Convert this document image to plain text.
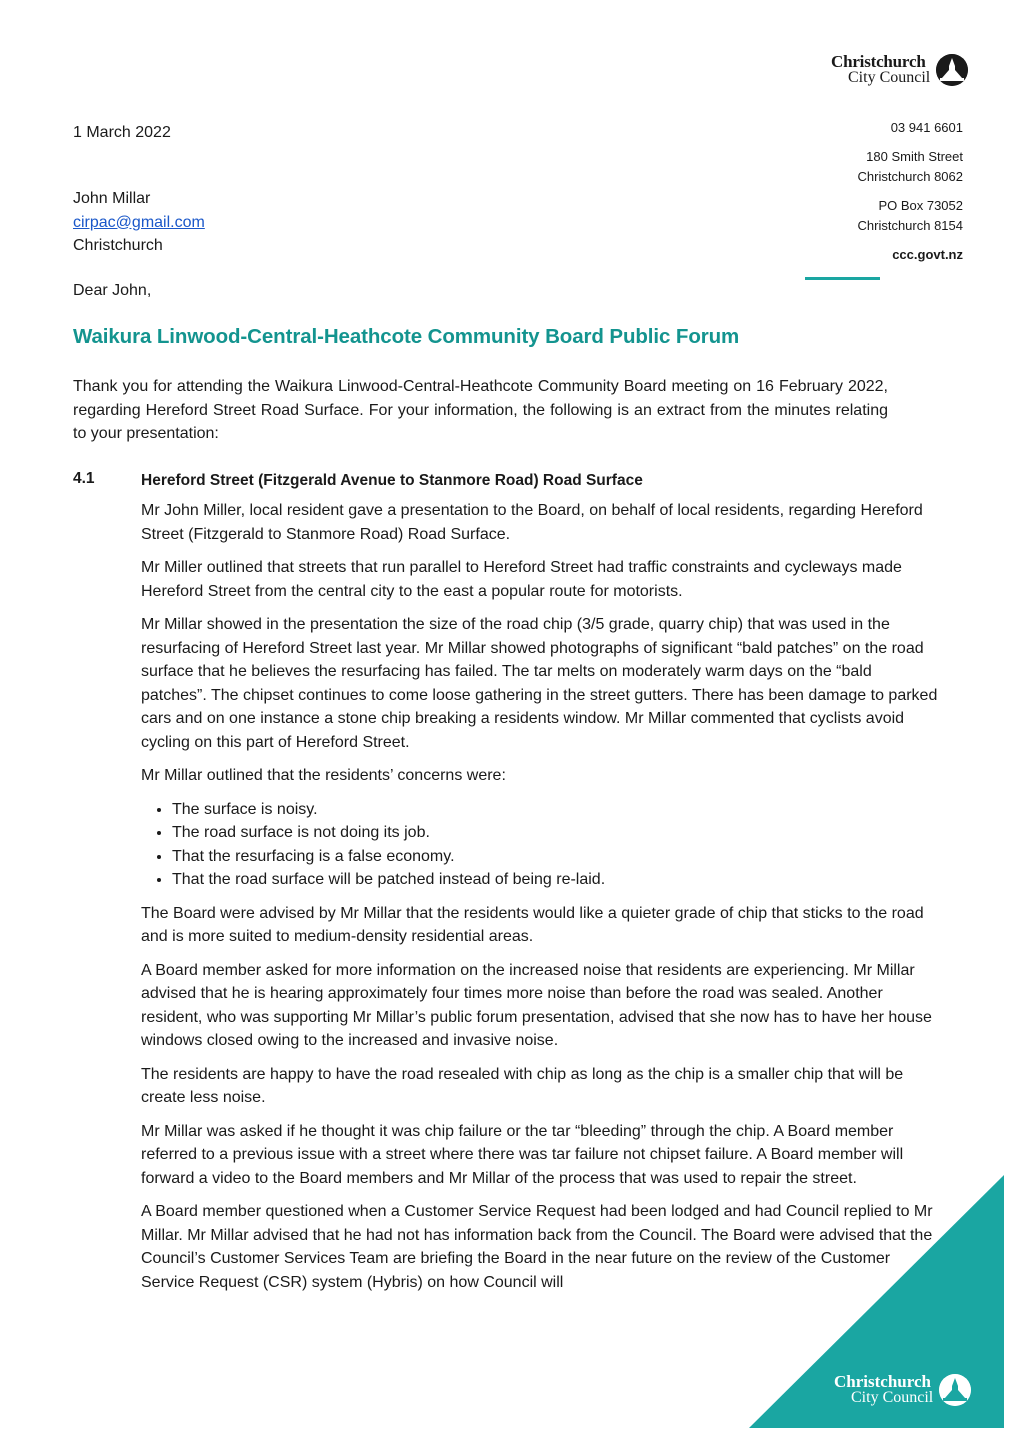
Christchurch
City Council
1 March 2022
John Millar
cirpac@gmail.com
Christchurch
Dear John,
03 941 6601
180 Smith Street
Christchurch 8062
PO Box 73052
Christchurch 8154
ccc.govt.nz
Waikura Linwood-Central-Heathcote Community Board Public Forum
Thank you for attending the Waikura Linwood-Central-Heathcote Community Board meeting on 16 February 2022, regarding Hereford Street Road Surface. For your information, the following is an extract from the minutes relating to your presentation:
4.1	Hereford Street (Fitzgerald Avenue to Stanmore Road) Road Surface

Mr John Miller, local resident gave a presentation to the Board, on behalf of local residents, regarding Hereford Street (Fitzgerald to Stanmore Road) Road Surface.

Mr Miller outlined that streets that run parallel to Hereford Street had traffic constraints and cycleways made Hereford Street from the central city to the east a popular route for motorists.

Mr Millar showed in the presentation the size of the road chip (3/5 grade, quarry chip) that was used in the resurfacing of Hereford Street last year. Mr Millar showed photographs of significant “bald patches” on the road surface that he believes the resurfacing has failed. The tar melts on moderately warm days on the “bald patches”. The chipset continues to come loose gathering in the street gutters. There has been damage to parked cars and on one instance a stone chip breaking a residents window. Mr Millar commented that cyclists avoid cycling on this part of Hereford Street.

Mr Millar outlined that the residents’ concerns were:

• The surface is noisy.
• The road surface is not doing its job.
• That the resurfacing is a false economy.
• That the road surface will be patched instead of being re-laid.

The Board were advised by Mr Millar that the residents would like a quieter grade of chip that sticks to the road and is more suited to medium-density residential areas.

A Board member asked for more information on the increased noise that residents are experiencing. Mr Millar advised that he is hearing approximately four times more noise than before the road was sealed. Another resident, who was supporting Mr Millar’s public forum presentation, advised that she now has to have her house windows closed owing to the increased and invasive noise.

The residents are happy to have the road resealed with chip as long as the chip is a smaller chip that will be create less noise.

Mr Millar was asked if he thought it was chip failure or the tar “bleeding” through the chip. A Board member referred to a previous issue with a street where there was tar failure not chipset failure. A Board member will forward a video to the Board members and Mr Millar of the process that was used to repair the street.

A Board member questioned when a Customer Service Request had been lodged and had Council replied to Mr Millar. Mr Millar advised that he had not has information back from the Council. The Board were advised that the Council’s Customer Services Team are briefing the Board in the near future on the review of the Customer Service Request (CSR) system (Hybris) on how Council will

Christchurch
City Council
